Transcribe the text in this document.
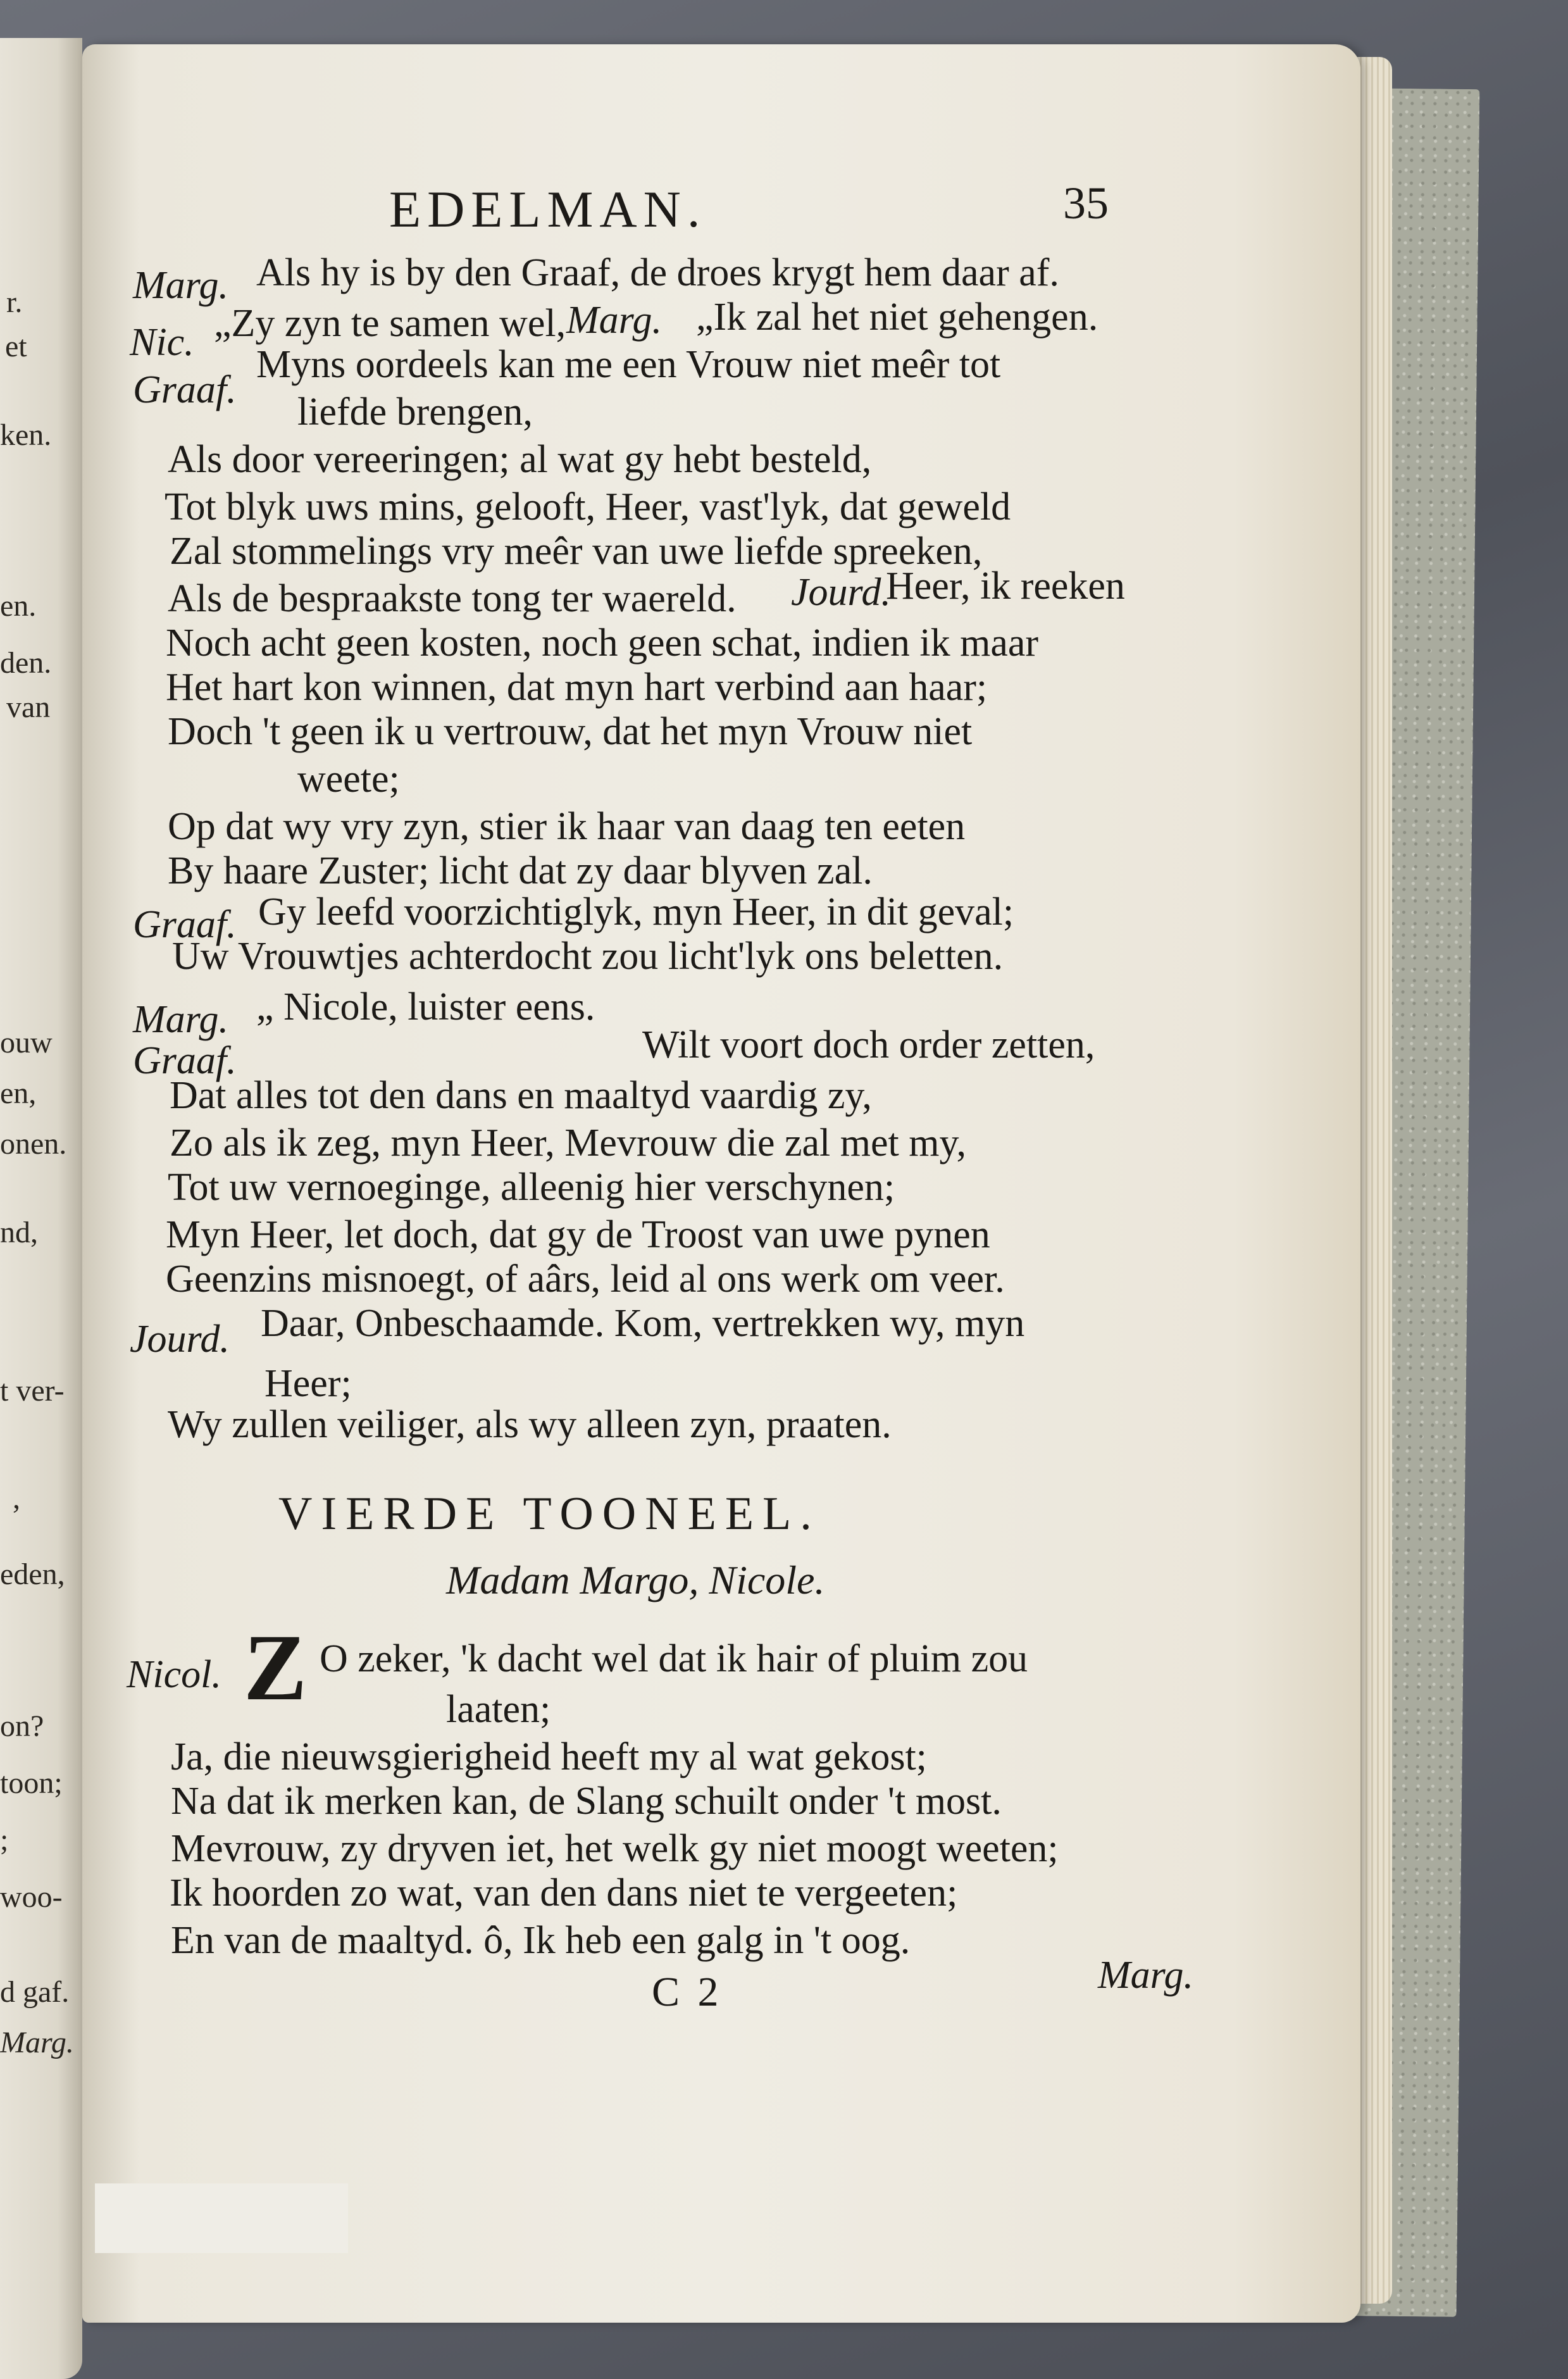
r.
et
ken.
en.
den.
van
ouw
en,
onen.
nd,
t ver-
,
eden,
on?
toon;
;
woo-
d gaf.
Marg.
EDELMAN.	35
Marg. Als hy is by den Graaf, de droes krygt hem daar af.
Nic. „Zy zyn te samen wel, Marg. „Ik zal het niet gehengen.
Graaf.
Myns oordeels kan me een Vrouw niet meêr tot
liefde brengen,
Als door vereeringen; al wat gy hebt besteld,
Tot blyk uws mins, gelooft, Heer, vast'lyk, dat geweld
Zal stommelings vry meêr van uwe liefde spreeken,
Als de bespraakste tong ter waereld. Jourd.
Heer, ik reeken
Noch acht geen kosten, noch geen schat, indien ik maar
Het hart kon winnen, dat myn hart verbind aan haar;
Doch 't geen ik u vertrouw, dat het myn Vrouw niet
weete;
Op dat wy vry zyn, stier ik haar van daag ten eeten
By haare Zuster; licht dat zy daar blyven zal.
Graaf. Gy leefd voorzichtiglyk, myn Heer, in dit geval;
Uw Vrouwtjes achterdocht zou licht'lyk ons beletten.
Marg. „ Nicole, luister eens.
Graaf.	Wilt voort doch order zetten,
Dat alles tot den dans en maaltyd vaardig zy,
Zo als ik zeg, myn Heer, Mevrouw die zal met my,
Tot uw vernoeginge, alleenig hier verschynen;
Myn Heer, let doch, dat gy de Troost van uwe pynen
Geenzins misnoegt, of aârs, leid al ons werk om veer.
Jourd. Daar, Onbeschaamde. Kom, vertrekken wy, myn
Heer;
Wy zullen veiliger, als wy alleen zyn, praaten.
VIERDE TOONEEL.
Madam Margo, Nicole.
Nicol. Z O zeker, 'k dacht wel dat ik hair of pluim zou
laaten;
Ja, die nieuwsgierigheid heeft my al wat gekost;
Na dat ik merken kan, de Slang schuilt onder 't most.
Mevrouw, zy dryven iet, het welk gy niet moogt weeten;
Ik hoorden zo wat, van den dans niet te vergeeten;
En van de maaltyd. ô, Ik heb een galg in 't oog.
C 2	Marg.
